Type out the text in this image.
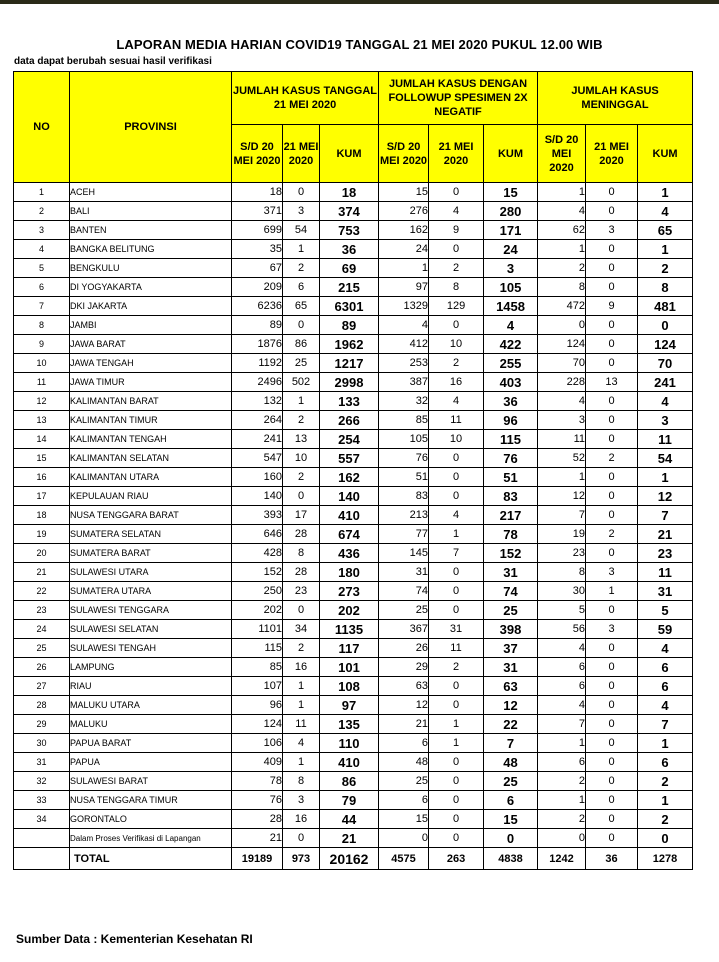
LAPORAN MEDIA HARIAN COVID19 TANGGAL 21 MEI 2020 PUKUL 12.00 WIB
data dapat berubah sesuai hasil verifikasi
NO	PROVINSI	JUMLAH KASUS TANGGAL 21 MEI 2020			JUMLAH KASUS DENGAN FOLLOWUP SPESIMEN 2X NEGATIF			JUMLAH KASUS MENINGGAL		
		S/D 20 MEI 2020	21 MEI 2020	KUM	S/D 20 MEI 2020	21 MEI 2020	KUM	S/D 20 MEI 2020	21 MEI 2020	KUM
1	ACEH	18	0	18	15	0	15	1	0	1
2	BALI	371	3	374	276	4	280	4	0	4
3	BANTEN	699	54	753	162	9	171	62	3	65
4	BANGKA BELITUNG	35	1	36	24	0	24	1	0	1
5	BENGKULU	67	2	69	1	2	3	2	0	2
6	DI YOGYAKARTA	209	6	215	97	8	105	8	0	8
7	DKI JAKARTA	6236	65	6301	1329	129	1458	472	9	481
8	JAMBI	89	0	89	4	0	4	0	0	0
9	JAWA BARAT	1876	86	1962	412	10	422	124	0	124
10	JAWA TENGAH	1192	25	1217	253	2	255	70	0	70
11	JAWA TIMUR	2496	502	2998	387	16	403	228	13	241
12	KALIMANTAN BARAT	132	1	133	32	4	36	4	0	4
13	KALIMANTAN TIMUR	264	2	266	85	11	96	3	0	3
14	KALIMANTAN TENGAH	241	13	254	105	10	115	11	0	11
15	KALIMANTAN SELATAN	547	10	557	76	0	76	52	2	54
16	KALIMANTAN UTARA	160	2	162	51	0	51	1	0	1
17	KEPULAUAN RIAU	140	0	140	83	0	83	12	0	12
18	NUSA TENGGARA BARAT	393	17	410	213	4	217	7	0	7
19	SUMATERA SELATAN	646	28	674	77	1	78	19	2	21
20	SUMATERA BARAT	428	8	436	145	7	152	23	0	23
21	SULAWESI UTARA	152	28	180	31	0	31	8	3	11
22	SUMATERA UTARA	250	23	273	74	0	74	30	1	31
23	SULAWESI TENGGARA	202	0	202	25	0	25	5	0	5
24	SULAWESI SELATAN	1101	34	1135	367	31	398	56	3	59
25	SULAWESI TENGAH	115	2	117	26	11	37	4	0	4
26	LAMPUNG	85	16	101	29	2	31	6	0	6
27	RIAU	107	1	108	63	0	63	6	0	6
28	MALUKU UTARA	96	1	97	12	0	12	4	0	4
29	MALUKU	124	11	135	21	1	22	7	0	7
30	PAPUA BARAT	106	4	110	6	1	7	1	0	1
31	PAPUA	409	1	410	48	0	48	6	0	6
32	SULAWESI BARAT	78	8	86	25	0	25	2	0	2
33	NUSA TENGGARA TIMUR	76	3	79	6	0	6	1	0	1
34	GORONTALO	28	16	44	15	0	15	2	0	2
	Dalam Proses Verifikasi di Lapangan	21	0	21	0	0	0	0	0	0
	TOTAL	19189	973	20162	4575	263	4838	1242	36	1278
Sumber Data : Kementerian Kesehatan RI
